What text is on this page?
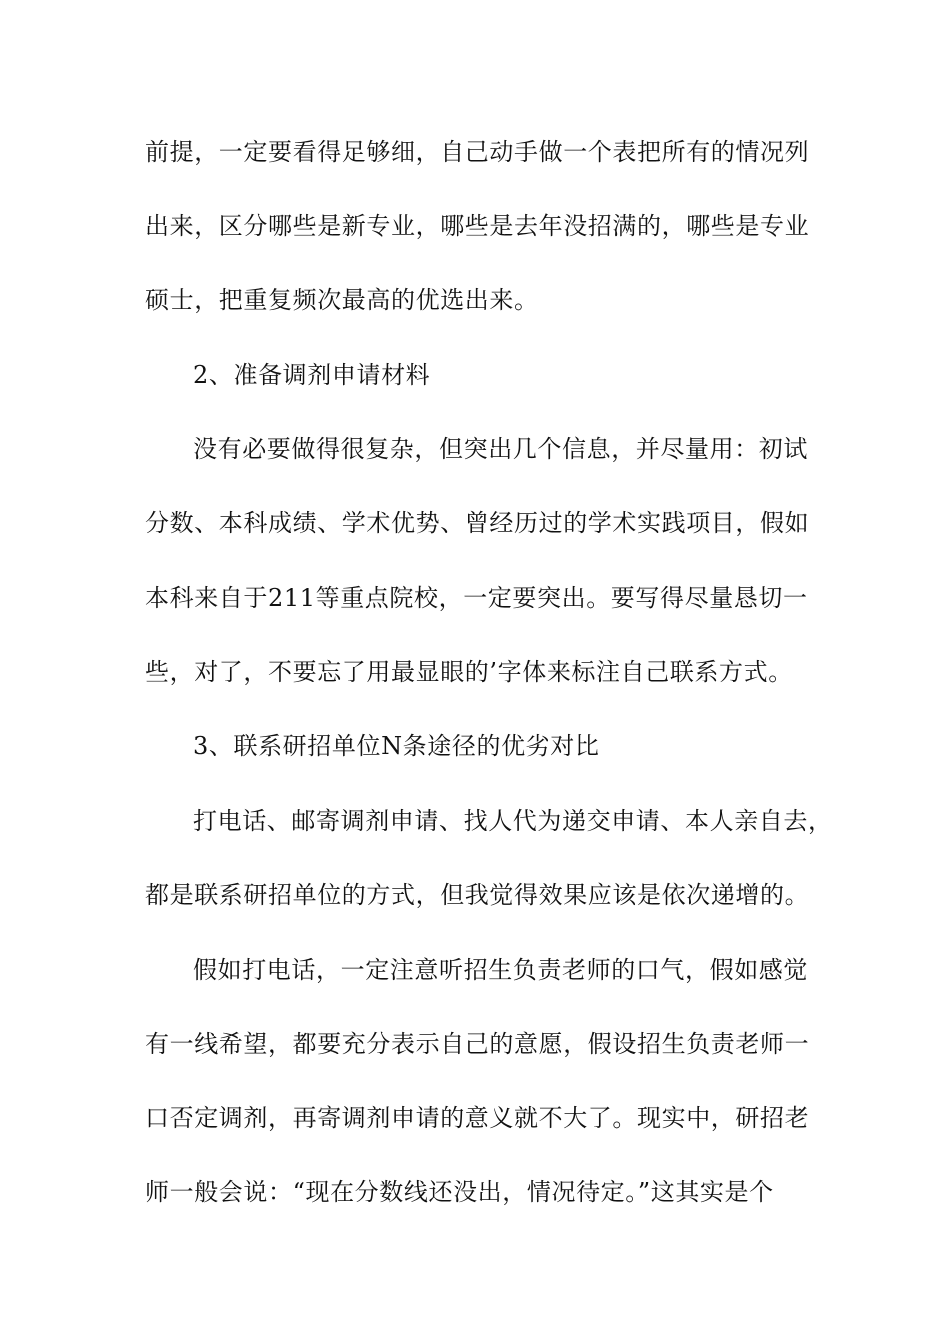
前提，一定要看得足够细，自己动手做一个表把所有的情况列
出来，区分哪些是新专业，哪些是去年没招满的，哪些是专业
硕士，把重复频次最高的优选出来。
2、准备调剂申请材料
没有必要做得很复杂，但突出几个信息，并尽量用：初试
分数、本科成绩、学术优势、曾经历过的学术实践项目，假如
本科来自于211等重点院校，一定要突出。要写得尽量恳切一
些，对了，不要忘了用最显眼的’字体来标注自己联系方式。
3、联系研招单位N条途径的优劣对比
打电话、邮寄调剂申请、找人代为递交申请、本人亲自去，
都是联系研招单位的方式，但我觉得效果应该是依次递增的。
假如打电话，一定注意听招生负责老师的口气，假如感觉
有一线希望，都要充分表示自己的意愿，假设招生负责老师一
口否定调剂，再寄调剂申请的意义就不大了。现实中，研招老
师一般会说：“现在分数线还没出，情况待定。”这其实是个
